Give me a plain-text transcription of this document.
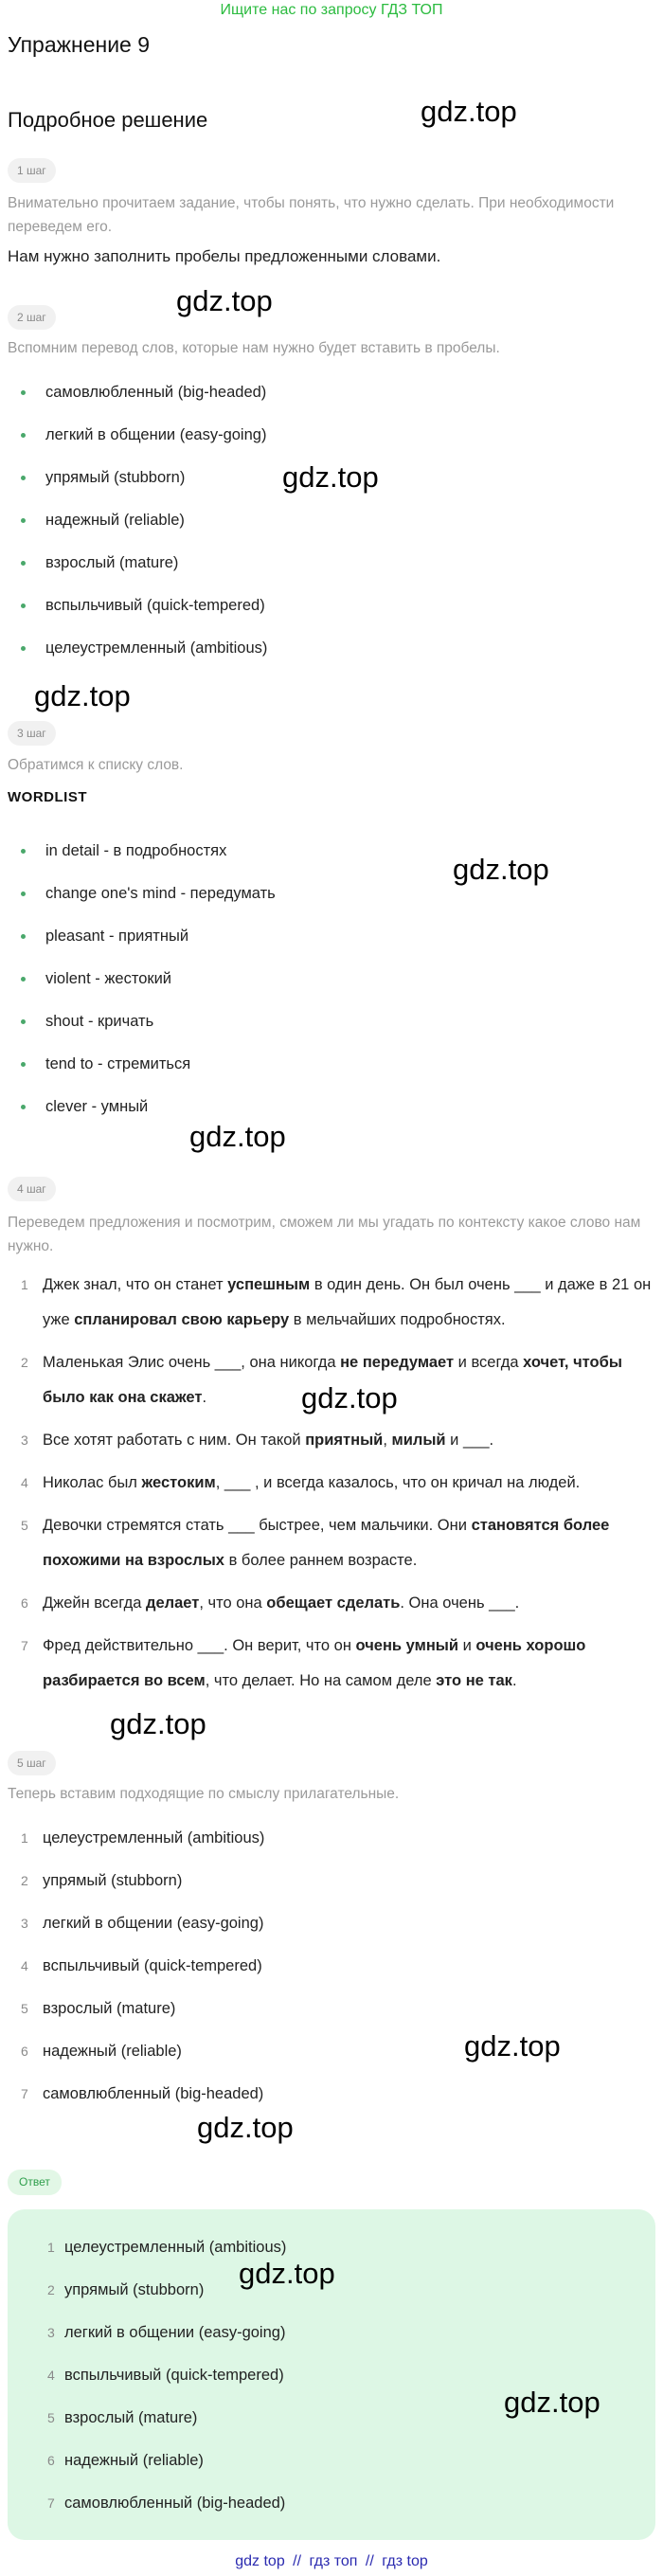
Ищите нас по запросу ГДЗ ТОП
Упражнение 9
Подробное решение	gdz.top
gdz.top
gdz.top
gdz.top
gdz.top
gdz.top
gdz.top
gdz.top
gdz.top
gdz.top
1 шаг
Внимательно прочитаем задание, чтобы понять, что нужно сделать. При необходимости переведем его.
Нам нужно заполнить пробелы предложенными словами.
2 шаг
Вспомним перевод слов, которые нам нужно будет вставить в пробелы.
самовлюбленный (big-headed)
легкий в общении (easy-going)
упрямый (stubborn)
надежный (reliable)
взрослый (mature)
вспыльчивый (quick-tempered)
целеустремленный (ambitious)
3 шаг
Обратимся к списку слов.
WORDLIST
in detail - в подробностях
change one's mind - передумать
pleasant - приятный
violent - жестокий
shout - кричать
tend to - стремиться
clever - умный
4 шаг
Переведем предложения и посмотрим, сможем ли мы угадать по контексту какое слово нам нужно.
1 Джек знал, что он станет успешным в один день. Он был очень ___ и даже в 21 он уже спланировал свою карьеру в мельчайших подробностях.
2 Маленькая Элис очень ___, она никогда не передумает и всегда хочет, чтобы было как она скажет.
3 Все хотят работать с ним. Он такой приятный, милый и ___.
4 Николас был жестоким, ___ , и всегда казалось, что он кричал на людей.
5 Девочки стремятся стать ___ быстрее, чем мальчики. Они становятся более похожими на взрослых в более раннем возрасте.
6 Джейн всегда делает, что она обещает сделать. Она очень ___.
7 Фред действительно ___. Он верит, что он очень умный и очень хорошо разбирается во всем, что делает. Но на самом деле это не так.
5 шаг
Теперь вставим подходящие по смыслу прилагательные.
1 целеустремленный (ambitious)
2 упрямый (stubborn)
3 легкий в общении (easy-going)
4 вспыльчивый (quick-tempered)
5 взрослый (mature)
6 надежный (reliable)
7 самовлюбленный (big-headed)
Ответ
1 целеустремленный (ambitious)
2 упрямый (stubborn)
3 легкий в общении (easy-going)
4 вспыльчивый (quick-tempered)
5 взрослый (mature)
6 надежный (reliable)
7 самовлюбленный (big-headed)
gdz.top
gdz.top
gdz top // гдз топ // гдз top
